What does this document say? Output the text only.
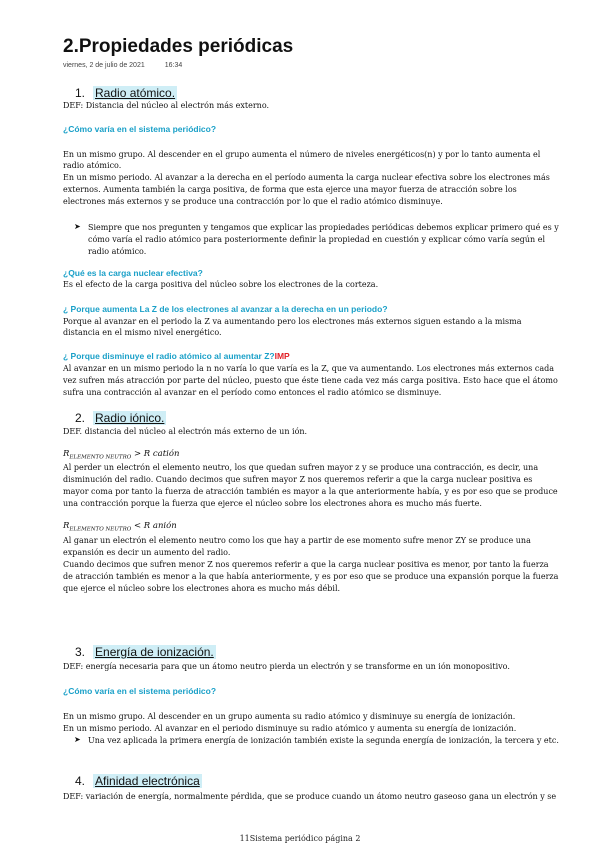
2.Propiedades periódicas
viernes, 2 de julio de 2021	16:34
1. Radio atómico.
DEF: Distancia del núcleo al electrón más externo.
¿Cómo varía en el sistema periódico?
En un mismo grupo. Al descender en el grupo aumenta el número de niveles energéticos(n) y por lo tanto aumenta el
radio atómico.
En un mismo periodo. Al avanzar a la derecha en el período aumenta la carga nuclear efectiva sobre los electrones más
externos. Aumenta también la carga positiva, de forma que esta ejerce una mayor fuerza de atracción sobre los
electrones más externos y se produce una contracción por lo que el radio atómico disminuye.
➤ Siempre que nos pregunten y tengamos que explicar las propiedades periódicas debemos explicar primero qué es y
cómo varía el radio atómico para posteriormente definir la propiedad en cuestión y explicar cómo varía según el
radio atómico.
¿Qué es la carga nuclear efectiva?
Es el efecto de la carga positiva del núcleo sobre los electrones de la corteza.
¿ Porque aumenta La Z de los electrones al avanzar a la derecha en un periodo?
Porque al avanzar en el periodo la Z va aumentando pero los electrones más externos siguen estando a la misma
distancia en el mismo nivel energético.
¿ Porque disminuye el radio atómico al aumentar Z?IMP
Al avanzar en un mismo periodo la n no varía lo que varía es la Z, que va aumentando. Los electrones más externos cada
vez sufren más atracción por parte del núcleo, puesto que éste tiene cada vez más carga positiva. Esto hace que el átomo
sufra una contracción al avanzar en el período como entonces el radio atómico se disminuye.
2. Radio iónico.
DEF. distancia del núcleo al electrón más externo de un ión.
$R_{ELEMENTO NEUTRO} > R$ catión
Al perder un electrón el elemento neutro, los que quedan sufren mayor z y se produce una contracción, es decir, una
disminución del radio. Cuando decimos que sufren mayor Z nos queremos referir a que la carga nuclear positiva es
mayor coma por tanto la fuerza de atracción también es mayor a la que anteriormente había, y es por eso que se produce
una contracción porque la fuerza que ejerce el núcleo sobre los electrones ahora es mucho más fuerte.
$R_{ELEMENTO NEUTRO} < R$ anión
Al ganar un electrón el elemento neutro como los que hay a partir de ese momento sufre menor ZY se produce una
expansión es decir un aumento del radio.
Cuando decimos que sufren menor Z nos queremos referir a que la carga nuclear positiva es menor, por tanto la fuerza
de atracción también es menor a la que había anteriormente, y es por eso que se produce una expansión porque la fuerza
que ejerce el núcleo sobre los electrones ahora es mucho más débil.
3. Energía de ionización.
DEF: energía necesaria para que un átomo neutro pierda un electrón y se transforme en un ión monopositivo.
¿Cómo varía en el sistema periódico?
En un mismo grupo. Al descender en un grupo aumenta su radio atómico y disminuye su energía de ionización.
En un mismo periodo. Al avanzar en el periodo disminuye su radio atómico y aumenta su energía de ionización.
➤ Una vez aplicada la primera energía de ionización también existe la segunda energía de ionización, la tercera y etc.
4. Afinidad electrónica
DEF: variación de energía, normalmente pérdida, que se produce cuando un átomo neutro gaseoso gana un electrón y se
11Sistema periódico página 2
